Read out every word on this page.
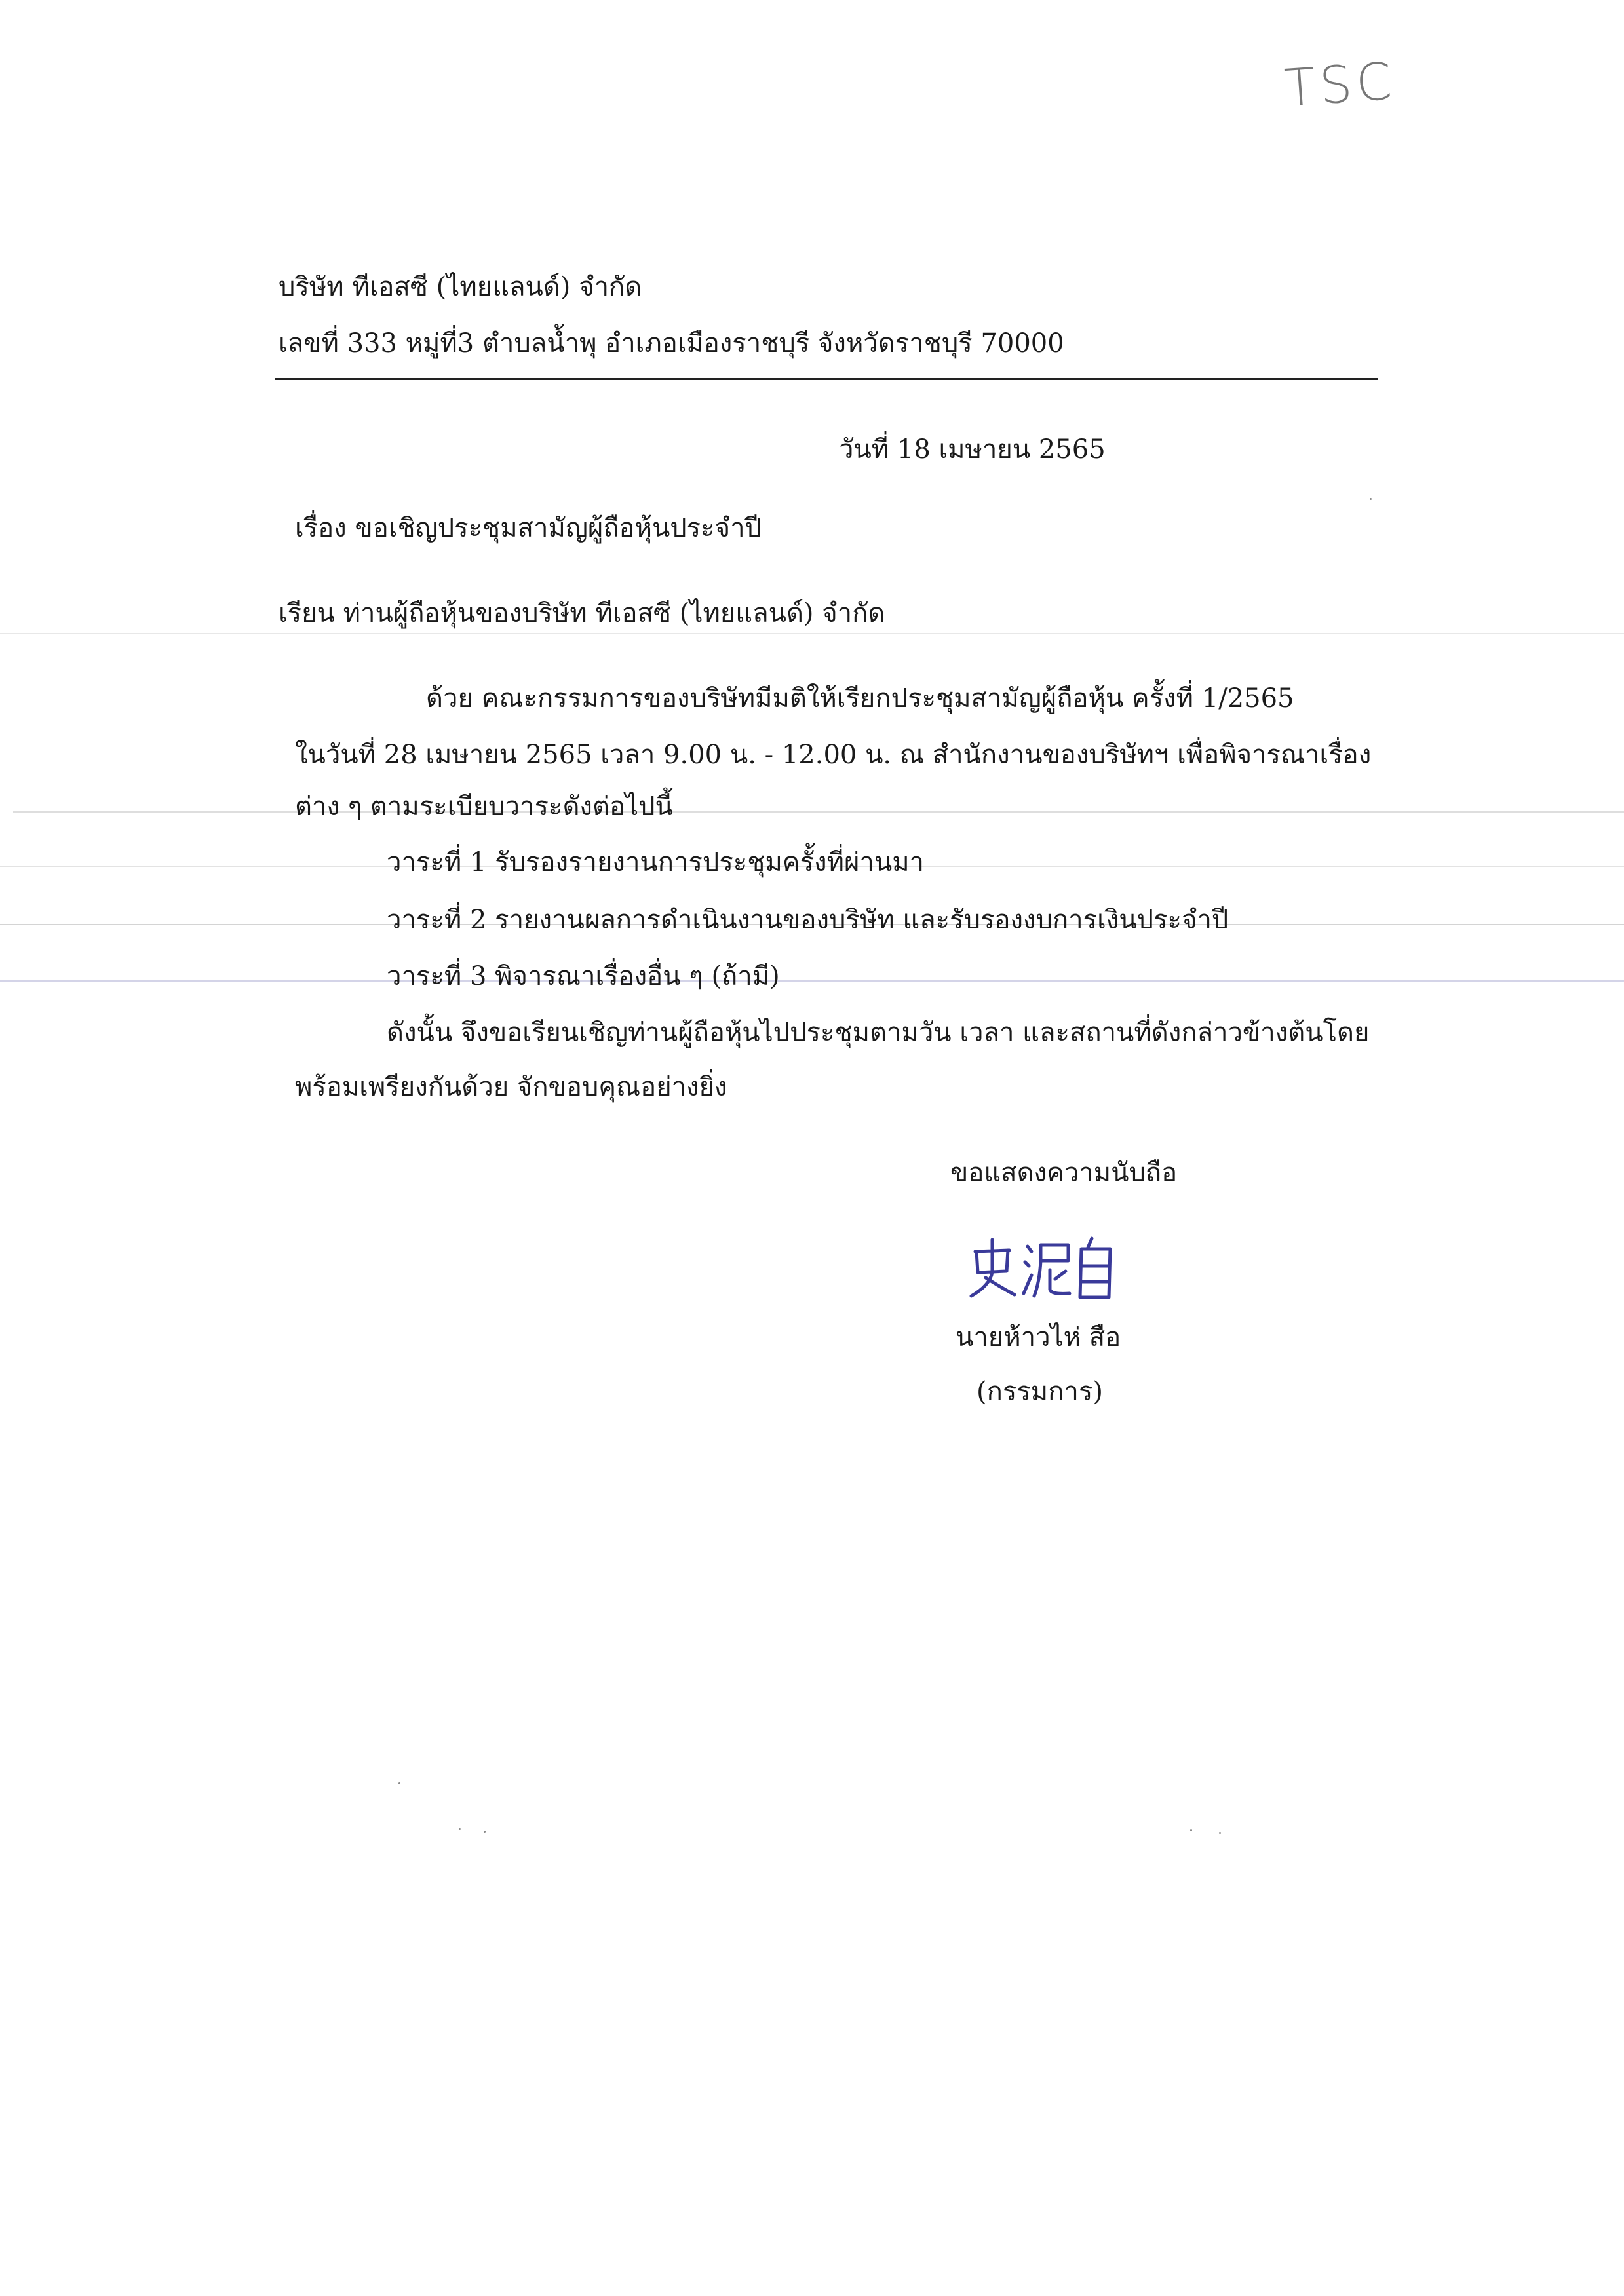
TSC
บริษัท ทีเอสซี (ไทยแลนด์) จำกัด
เลขที่ 333 หมู่ที่3 ตำบลน้ำพุ อำเภอเมืองราชบุรี จังหวัดราชบุรี 70000
วันที่ 18 เมษายน 2565
เรื่อง ขอเชิญประชุมสามัญผู้ถือหุ้นประจำปี
เรียน ท่านผู้ถือหุ้นของบริษัท ทีเอสซี (ไทยแลนด์) จำกัด
ด้วย คณะกรรมการของบริษัทมีมติให้เรียกประชุมสามัญผู้ถือหุ้น ครั้งที่ 1/2565
ในวันที่ 28 เมษายน 2565 เวลา 9.00 น. - 12.00 น. ณ สำนักงานของบริษัทฯ เพื่อพิจารณาเรื่อง
ต่าง ๆ ตามระเบียบวาระดังต่อไปนี้
วาระที่ 1 รับรองรายงานการประชุมครั้งที่ผ่านมา
วาระที่ 2 รายงานผลการดำเนินงานของบริษัท และรับรองงบการเงินประจำปี
วาระที่ 3 พิจารณาเรื่องอื่น ๆ (ถ้ามี)
ดังนั้น จึงขอเรียนเชิญท่านผู้ถือหุ้นไปประชุมตามวัน เวลา และสถานที่ดังกล่าวข้างต้นโดย
พร้อมเพรียงกันด้วย จักขอบคุณอย่างยิ่ง
ขอแสดงความนับถือ
นายห้าวไห่ สือ
(กรรมการ)
